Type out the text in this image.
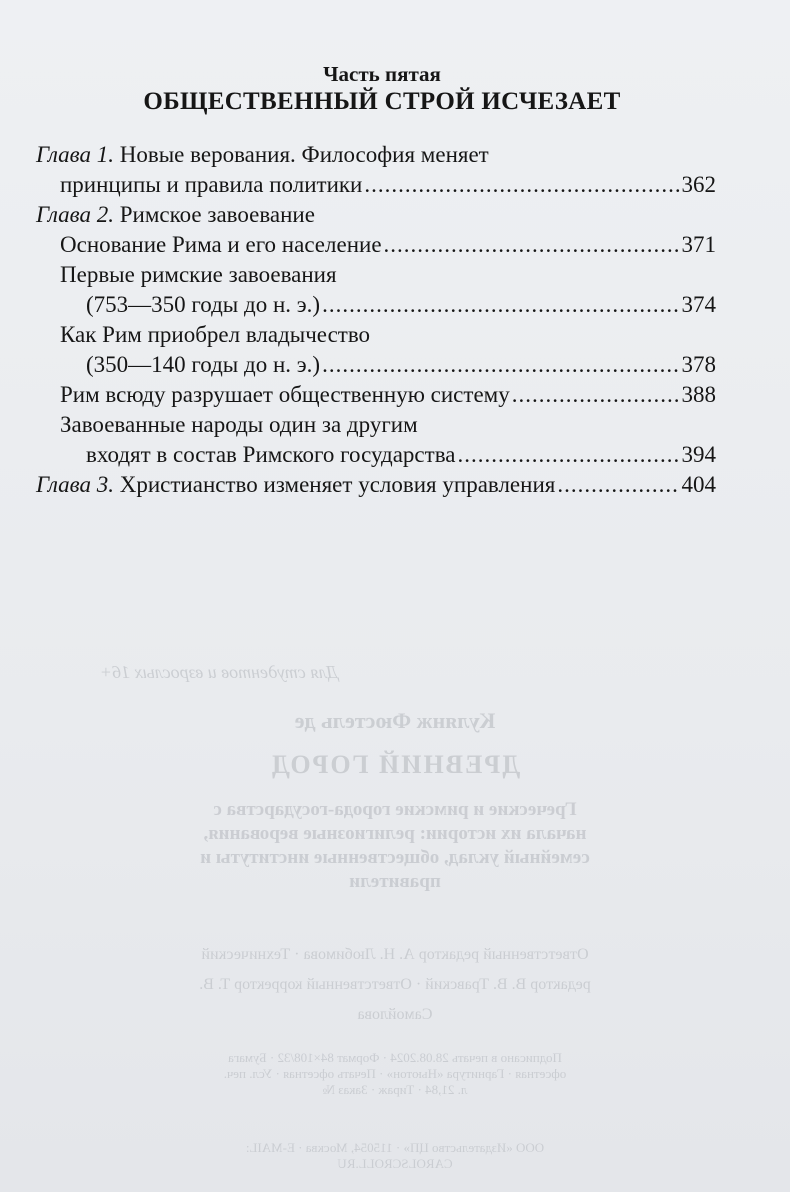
Для студентов и взрослых 16+
Кулянж Фюстель де
ДРЕВНИЙ ГОРОД
Греческие и римские города-государства с начала их истории: религиозные верования, семейный уклад, общественные институты и правители
Ответственный редактор А. Н. Любимова · Технический редактор В. В. Травский · Ответственный корректор Т. В. Самойлова
Подписано в печать 28.08.2024 · Формат 84×108/32 · Бумага офсетная · Гарнитура «Ньютон» · Печать офсетная · Усл. печ. л. 21,84 · Тираж · Заказ №
ООО «Издательство ЦП» · 115054, Москва · E-MAIL: CAROLSCROLL.RU
Часть пятая
ОБЩЕСТВЕННЫЙ СТРОЙ ИСЧЕЗАЕТ
Глава 1.
Новые верования. Философия меняет
принципы и правила политики .....	362
Глава 2.
Римское завоевание
Основание Рима и его население .....	371
Первые римские завоевания
(753—350 годы до н. э.) .....	374
Как Рим приобрел владычество
(350—140 годы до н. э.) .....	378
Рим всюду разрушает общественную систему .....	388
Завоеванные народы один за другим
входят в состав Римского государства .....	394
Глава 3.
Христианство изменяет условия управления .....	404
